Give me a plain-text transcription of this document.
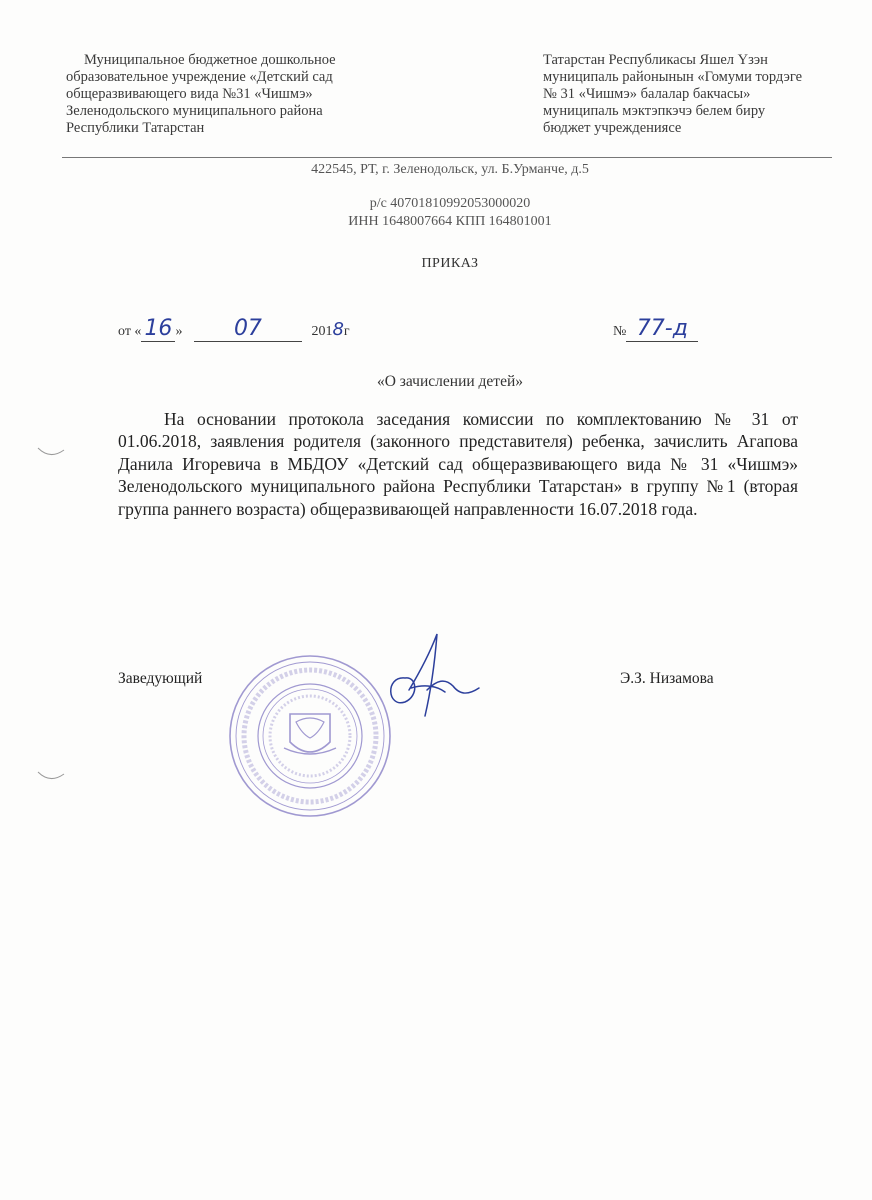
Муниципальное бюджетное дошкольное
образовательное учреждение «Детский сад
общеразвивающего вида №31 «Чишмэ»
Зеленодольского муниципального района
Республики Татарстан
Татарстан Республикасы Яшел Үзэн
муниципаль районынын «Гомуми тордэге
№ 31 «Чишмэ» балалар бакчасы»
муниципаль мэктэпкэчэ белем биру
бюджет учреждениясе
422545, РТ, г. Зеленодольск, ул. Б.Урманче, д.5
р/с 40701810992053000020
ИНН 1648007664 КПП 164801001
ПРИКАЗ
от « 16 » 07	2018г	№ 77-д
«О зачислении детей»

На основании протокола заседания комиссии по комплектованию № 31 от 01.06.2018, заявления родителя (законного представителя) ребенка, зачислить Агапова Данила Игоревича в МБДОУ «Детский сад общеразвивающего вида № 31 «Чишмэ» Зеленодольского муниципального района Республики Татарстан» в группу №1 (вторая группа раннего возраста) общеразвивающей направленности 16.07.2018 года.

Заведующий	Э.З. Низамова
